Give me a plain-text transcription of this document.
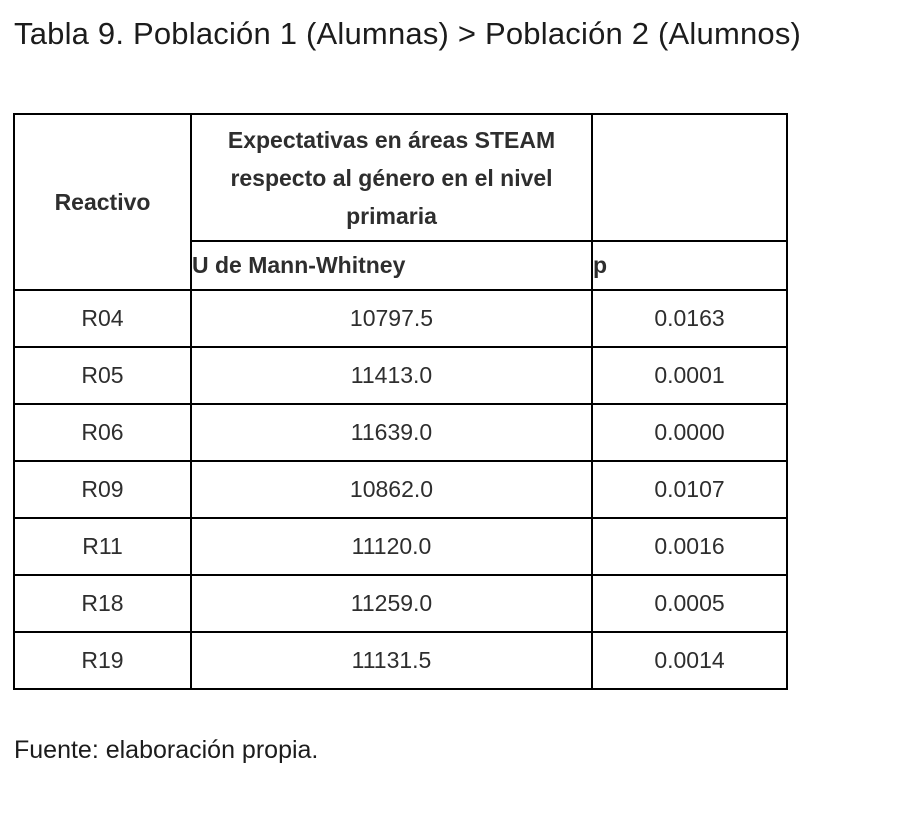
Tabla 9. Población 1 (Alumnas) > Población 2 (Alumnos)
Reactivo	Expectativas en áreas STEAM respecto al género en el nivel primaria	
	U de Mann-Whitney	p
R04	10797.5	0.0163
R05	11413.0	0.0001
R06	11639.0	0.0000
R09	10862.0	0.0107
R11	11120.0	0.0016
R18	11259.0	0.0005
R19	11131.5	0.0014
Fuente: elaboración propia.
